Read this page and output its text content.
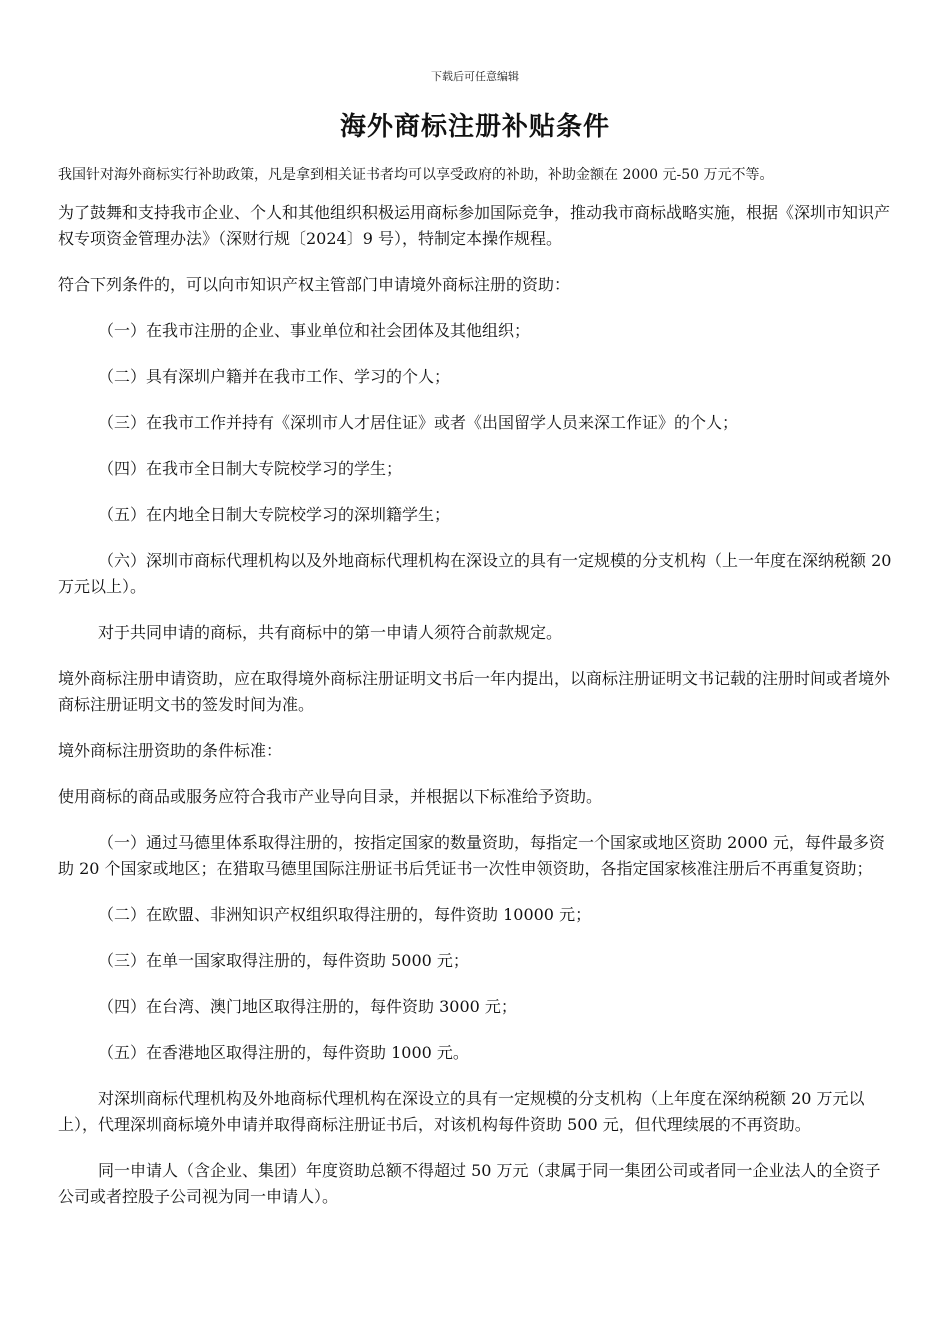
下载后可任意编辑
海外商标注册补贴条件
我国针对海外商标实行补助政策，凡是拿到相关证书者均可以享受政府的补助，补助金额在 2000 元-50 万元不等。

为了鼓舞和支持我市企业、个人和其他组织积极运用商标参加国际竞争，推动我市商标战略实施，根据《深圳市知识产权专项资金管理办法》（深财行规〔2024〕9 号），特制定本操作规程。

符合下列条件的，可以向市知识产权主管部门申请境外商标注册的资助：

（一）在我市注册的企业、事业单位和社会团体及其他组织；

（二）具有深圳户籍并在我市工作、学习的个人；

（三）在我市工作并持有《深圳市人才居住证》或者《出国留学人员来深工作证》的个人；

（四）在我市全日制大专院校学习的学生；

（五）在内地全日制大专院校学习的深圳籍学生；

（六）深圳市商标代理机构以及外地商标代理机构在深设立的具有一定规模的分支机构（上一年度在深纳税额 20 万元以上）。

对于共同申请的商标，共有商标中的第一申请人须符合前款规定。

境外商标注册申请资助，应在取得境外商标注册证明文书后一年内提出，以商标注册证明文书记载的注册时间或者境外商标注册证明文书的签发时间为准。

境外商标注册资助的条件标准：

使用商标的商品或服务应符合我市产业导向目录，并根据以下标准给予资助。

（一）通过马德里体系取得注册的，按指定国家的数量资助，每指定一个国家或地区资助 2000 元，每件最多资助 20 个国家或地区；在猎取马德里国际注册证书后凭证书一次性申领资助，各指定国家核准注册后不再重复资助；

（二）在欧盟、非洲知识产权组织取得注册的，每件资助 10000 元；

（三）在单一国家取得注册的，每件资助 5000 元；

（四）在台湾、澳门地区取得注册的，每件资助 3000 元；

（五）在香港地区取得注册的，每件资助 1000 元。

对深圳商标代理机构及外地商标代理机构在深设立的具有一定规模的分支机构（上年度在深纳税额 20 万元以上），代理深圳商标境外申请并取得商标注册证书后，对该机构每件资助 500 元，但代理续展的不再资助。

同一申请人（含企业、集团）年度资助总额不得超过 50 万元（隶属于同一集团公司或者同一企业法人的全资子公司或者控股子公司视为同一申请人）。
